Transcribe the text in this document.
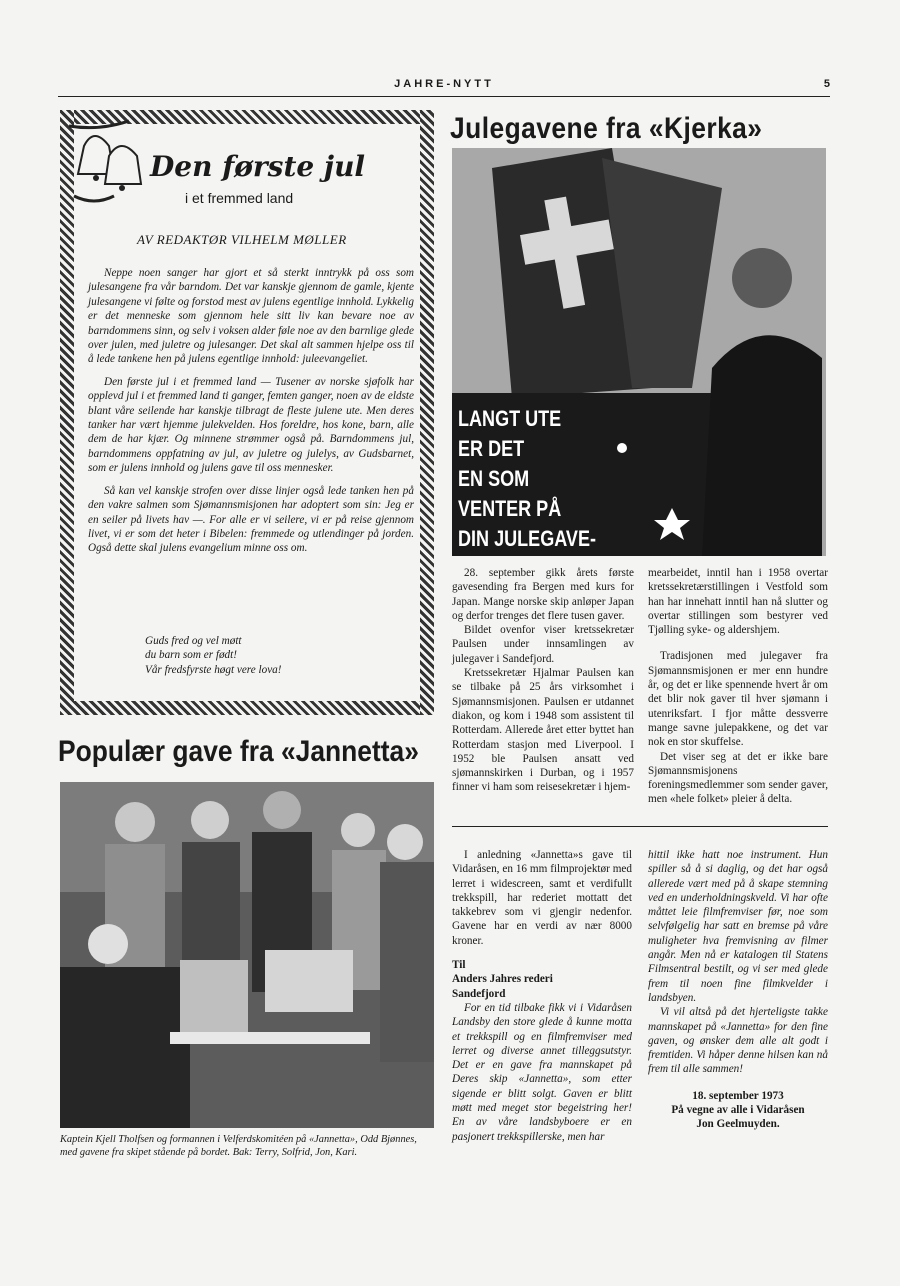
JAHRE-NYTT	5
Den første jul
i et fremmed land
AV REDAKTØR VILHELM MØLLER

Neppe noen sanger har gjort et så sterkt inntrykk på oss som julesangene fra vår barndom. Det var kanskje gjennom de gamle, kjente julesangene vi følte og forstod mest av julens egentlige innhold. Lykkelig er det menneske som gjennom hele sitt liv kan bevare noe av barndommens sinn, og selv i voksen alder føle noe av den barnlige glede over julen, med juletre og julesanger. Det skal alt sammen hjelpe oss til å lede tankene hen på julens egentlige innhold: juleevangeliet.

Den første jul i et fremmed land — Tusener av norske sjøfolk har opplevd jul i et fremmed land ti ganger, femten ganger, noen av de eldste blant våre seilende har kanskje tilbragt de fleste julene ute. Men deres tanker har vært hjemme julekvelden. Hos foreldre, hos kone, barn, alle dem de har kjær. Og minnene strømmer også på. Barndommens jul, barndommens oppfatning av jul, av juletre og julelys, av Gudsbarnet, som er julens innhold og julens gave til oss mennesker.

Så kan vel kanskje strofen over disse linjer også lede tanken hen på den vakre salmen som Sjømannsmisjonen har adoptert som sin: Jeg er en seiler på livets hav —. For alle er vi seilere, vi er på reise gjennom livet, vi er som det heter i Bibelen: fremmede og utlendinger på jorden. Også dette skal julens evangelium minne oss om.

Guds fred og vel møtt
du barn som er født!
Vår fredsfyrste høgt vere lova!
Julegavene fra «Kjerka»
LANGT UTE
ER DET
EN SOM
VENTER PÅ
DIN JULEGAVE-

28. september gikk årets første gavesending fra Bergen med kurs for Japan. Mange norske skip anløper Japan og derfor trenges det flere tusen gaver.

Bildet ovenfor viser kretssekretær Paulsen under innsamlingen av julegaver i Sandefjord.

Kretssekretær Hjalmar Paulsen kan se tilbake på 25 års virksomhet i Sjømannsmisjonen. Paulsen er utdannet diakon, og kom i 1948 som assistent til Rotterdam. Allerede året etter byttet han Rotterdam stasjon med Liverpool. I 1952 ble Paulsen ansatt ved sjømannskirken i Durban, og i 1957 finner vi ham som reisesekretær i hjem-

mearbeidet, inntil han i 1958 overtar kretssekretærstillingen i Vestfold som han har innehatt inntil han nå slutter og overtar stillingen som bestyrer ved Tjølling syke- og aldershjem.

Tradisjonen med julegaver fra Sjømannsmisjonen er mer enn hundre år, og det er like spennende hvert år om det blir nok gaver til hver sjømann i utenriksfart. I fjor måtte dessverre mange savne julepakkene, og det var nok en stor skuffelse.

Det viser seg at det er ikke bare Sjømannsmisjonens foreningsmedlemmer som sender gaver, men «hele folket» pleier å delta.

Populær gave fra «Jannetta»
Kaptein Kjell Tholfsen og formannen i Velferdskomitéen på «Jannetta», Odd Bjønnes, med gavene fra skipet stående på bordet. Bak: Terry, Solfrid, Jon, Kari.

I anledning «Jannetta»s gave til Vidaråsen, en 16 mm filmprojektør med lerret i widescreen, samt et verdifullt trekkspill, har rederiet mottatt det takkebrev som vi gjengir nedenfor. Gavene har en verdi av nær 8000 kroner.

Til

Anders Jahres rederi

Sandefjord

For en tid tilbake fikk vi i Vidaråsen Landsby den store glede å kunne motta et trekkspill og en filmfremviser med lerret og diverse annet tilleggsutstyr. Det er en gave fra mannskapet på Deres skip «Jannetta», som etter sigende er blitt solgt. Gaven er blitt møtt med meget stor begeistring her! En av våre landsbyboere er en pasjonert trekkspillerske, men har

hittil ikke hatt noe instrument. Hun spiller så å si daglig, og det har også allerede vært med på å skape stemning ved en underholdningskveld. Vi har ofte måttet leie filmfremviser før, noe som selvfølgelig har satt en bremse på våre muligheter hva fremvisning av filmer angår. Men nå er katalogen til Statens Filmsentral bestilt, og vi ser med glede frem til noen fine filmkvelder i landsbyen.

Vi vil altså på det hjerteligste takke mannskapet på «Jannetta» for den fine gaven, og ønsker dem alle alt godt i fremtiden. Vi håper denne hilsen kan nå frem til alle sammen!

18. september 1973

På vegne av alle i Vidaråsen

Jon Geelmuyden.
